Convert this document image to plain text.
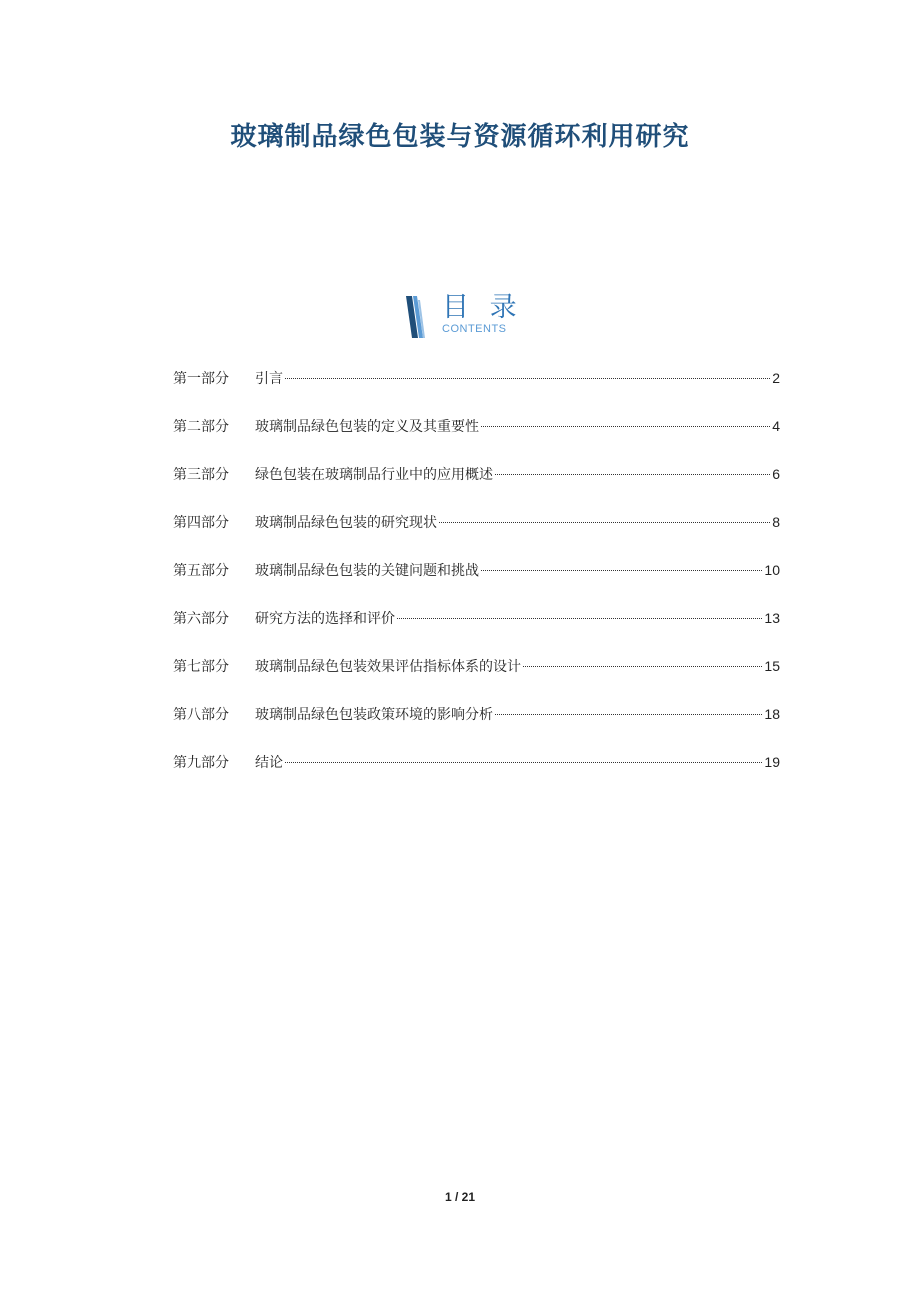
玻璃制品绿色包装与资源循环利用研究
目 录
CONTENTS
第一部分	引言	2
第二部分	玻璃制品绿色包装的定义及其重要性	4
第三部分	绿色包装在玻璃制品行业中的应用概述	6
第四部分	玻璃制品绿色包装的研究现状	8
第五部分	玻璃制品绿色包装的关键问题和挑战	10
第六部分	研究方法的选择和评价	13
第七部分	玻璃制品绿色包装效果评估指标体系的设计	15
第八部分	玻璃制品绿色包装政策环境的影响分析	18
第九部分	结论	19
1 / 21
